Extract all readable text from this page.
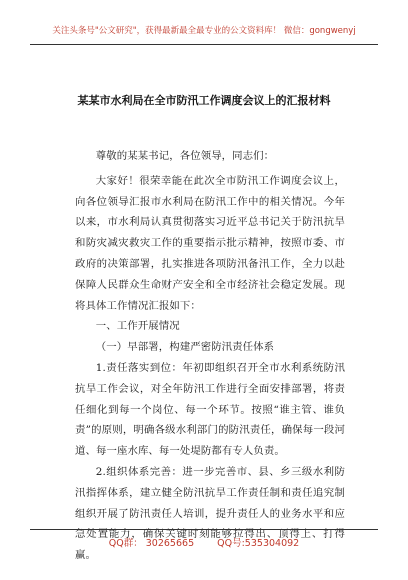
关注头条号"公文研究"，获得最新最全最专业的公文资料库！ 微信：gongwenyj
某某市水利局在全市防汛工作调度会议上的汇报材料

尊敬的某某书记，各位领导，同志们：

大家好！很荣幸能在此次全市防汛工作调度会议上，向各位领导汇报市水利局在防汛工作中的相关情况。今年以来，市水利局认真贯彻落实习近平总书记关于防汛抗旱和防灾减灾救灾工作的重要指示批示精神，按照市委、市政府的决策部署，扎实推进各项防汛备汛工作，全力以赴保障人民群众生命财产安全和全市经济社会稳定发展。现将具体工作情况汇报如下：

一、工作开展情况

（一）早部署，构建严密防汛责任体系

1.责任落实到位：年初即组织召开全市水利系统防汛抗旱工作会议，对全年防汛工作进行全面安排部署，将责任细化到每一个岗位、每一个环节。按照“谁主管、谁负责”的原则，明确各级水利部门的防汛责任，确保每一段河道、每一座水库、每一处堤防都有专人负责。

2.组织体系完善：进一步完善市、县、乡三级水利防汛指挥体系，建立健全防汛抗旱工作责任制和责任追究制组织开展了防汛责任人培训，提升责任人的业务水平和应急处置能力，确保关键时刻能够拉得出、顶得上、打得赢。

QQ群： 30265665 QQ号:535304092
